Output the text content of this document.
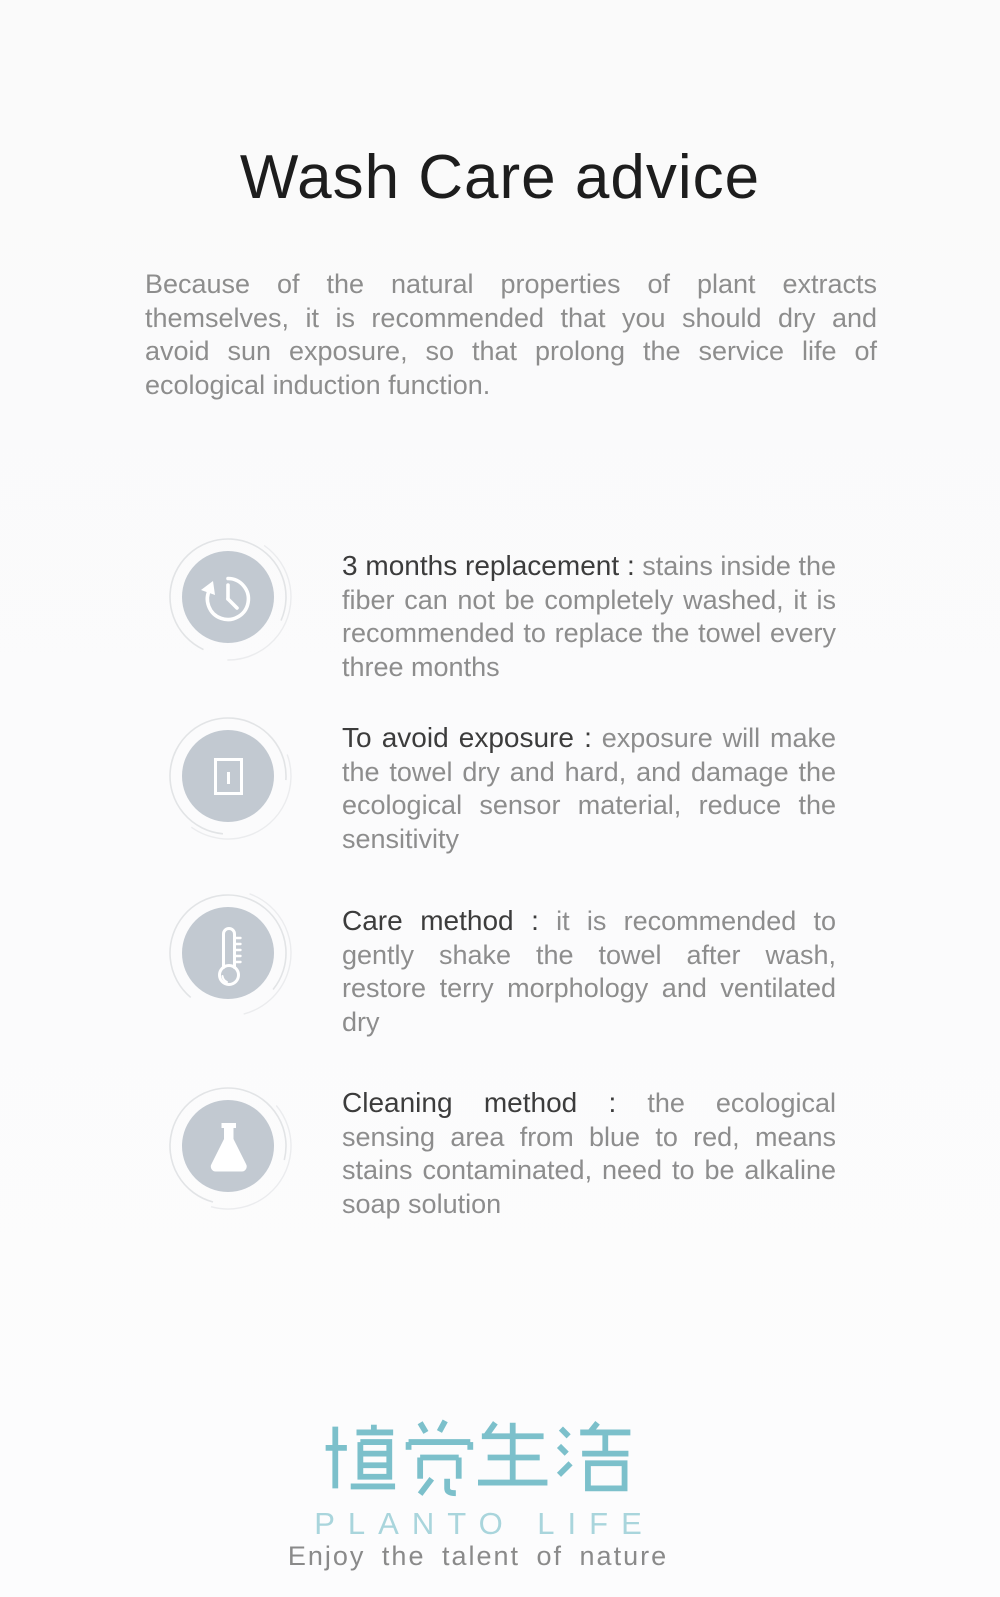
Wash Care advice

Because of the natural properties of plant extracts themselves, it is recommended that you should dry and avoid sun exposure, so that prolong the service life of ecological induction function.

3 months replacement : stains inside the fiber can not be completely washed, it is recommended to replace the towel every three months
To avoid exposure : exposure will make the towel dry and hard, and damage the ecological sensor material, reduce the sensitivity
Care method : it is recommended to gently shake the towel after wash, restore terry morphology and ventilated dry
Cleaning method : the ecological sensing area from blue to red, means stains contaminated, need to be alkaline soap solution
PLANTO LIFE
Enjoy the talent of nature
